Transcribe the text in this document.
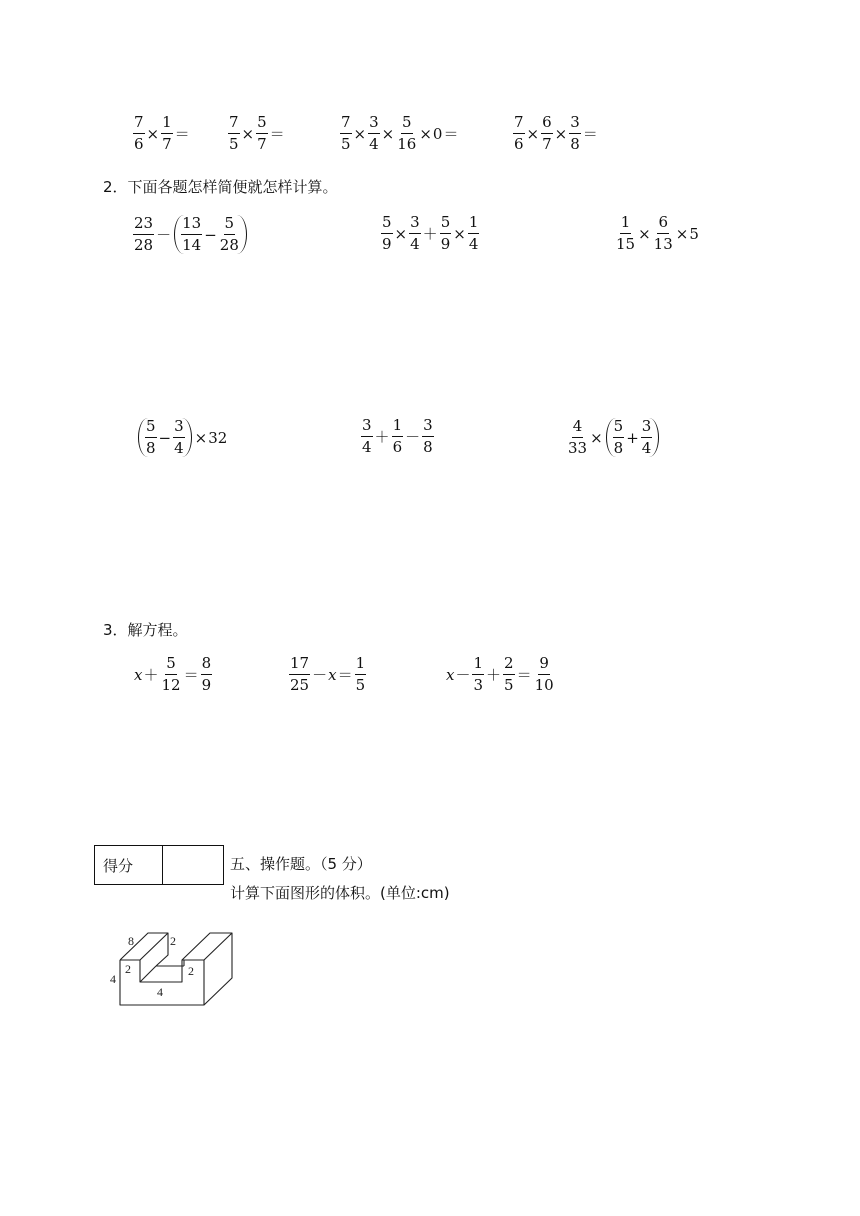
$\frac{7}{6} \times \frac{1}{7}$ ＝	$\frac{7}{5} \times \frac{5}{7}$ ＝	$\frac{7}{5} \times \frac{3}{4} \times \frac{5}{16} \times 0$ ＝	$\frac{7}{6} \times \frac{6}{7} \times \frac{3}{8}$ ＝
2．下面各题怎样简便就怎样计算。
$\frac{23}{28} - \frac{13}{14} - \frac{5}{28}$	$\frac{5}{9} \times \frac{3}{4} + \frac{5}{9} \times \frac{1}{4}$	$\frac{1}{15} \times \frac{6}{13} \times 5$
$\frac{5}{8} - \frac{3}{4} \times 32$	$\frac{3}{4} + \frac{1}{6} - \frac{3}{8}$	$\frac{4}{33} \times \frac{5}{8} + \frac{3}{4}$
3．解方程。
$x + \frac{5}{12} = \frac{8}{9}$	$\frac{17}{25} - x = \frac{1}{5}$	$x - \frac{1}{3} + \frac{2}{5} = \frac{9}{10}$
得分		五、操作题。（5 分）
计算下面图形的体积。(单位:cm)
8	2
2
4
2
4
